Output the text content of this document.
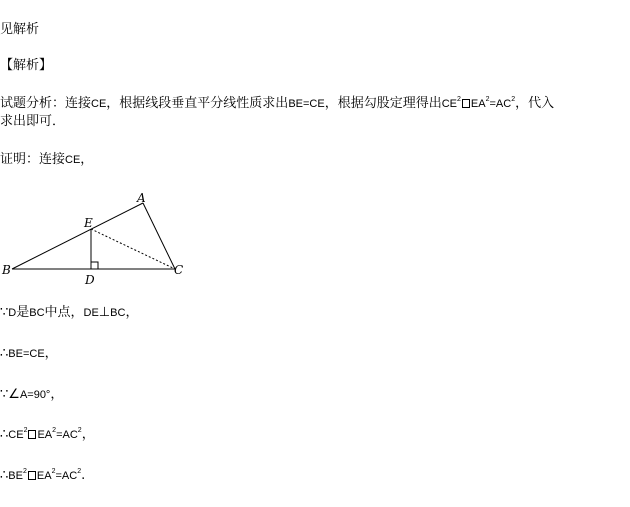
见解析
【解析】
试题分析：连接CE，根据线段垂直平分线性质求出BE=CE，根据勾股定理得出$CE^2$ $EA^2=AC^2$，代入
求出即可．
证明：连接CE，
A
B	C
D
E
∵D是BC中点，DE⊥BC，
∴BE=CE，
∵∠A=90°，
$\therefore CE^2$ $EA^2=AC^2$，
$\therefore BE^2$ $EA^2=AC^2$.
